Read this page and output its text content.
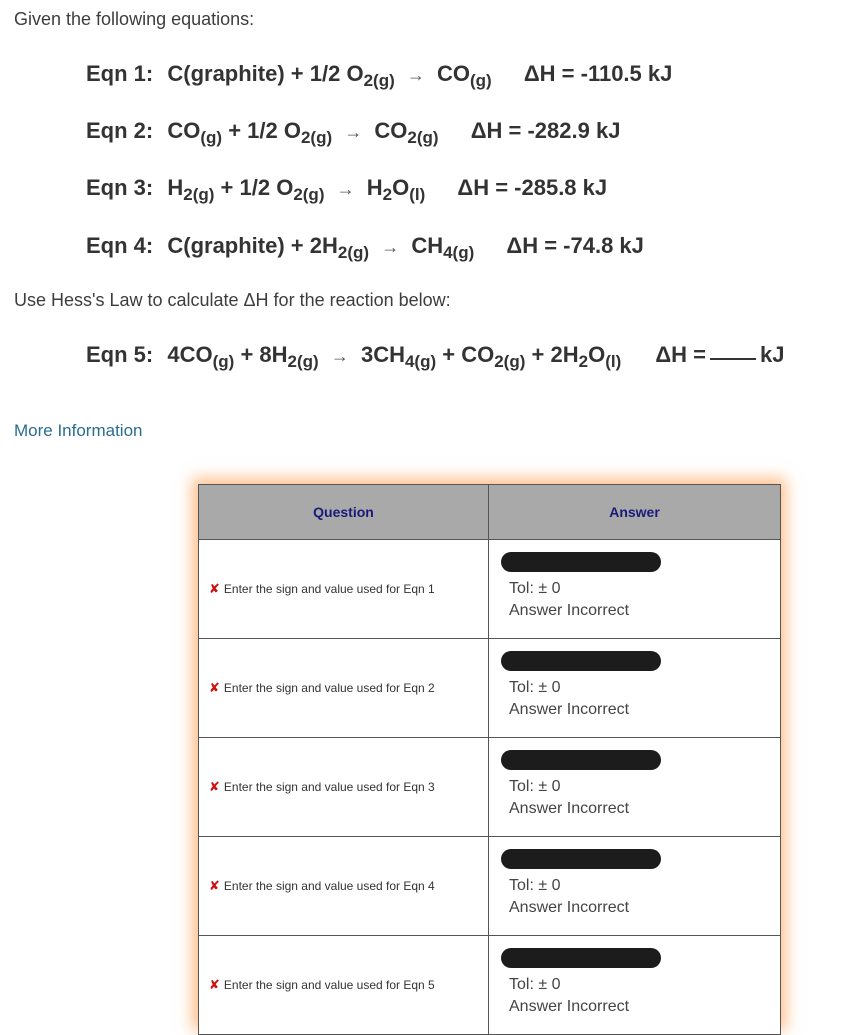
Given the following equations:
Eqn 1: C(graphite) + 1/2 $O_{2(g)} \to CO_{(g)}$ ΔH = -110.5 kJ
Eqn 2: $CO_{(g)} + 1/2$ $O_{2(g)} \to CO_{2(g)}$ ΔH = -282.9 kJ
Eqn 3: $H_{2(g)} + 1/2$ $O_{2(g)} \to H_2O_{(l)}$ ΔH = -285.8 kJ
Eqn 4: C(graphite) + $2H_{2(g)} \to CH_{4(g)}$ ΔH = -74.8 kJ
Use Hess's Law to calculate ΔH for the reaction below:
Eqn 5: $4CO_{(g)} + 8H_{2(g)} \to 3CH_{4(g)} + CO_{2(g)} + 2H_2O_{(l)}$ ΔH = kJ
More Information
Question	Answer
✘ Enter the sign and value used for Eqn 1	Tol: ± 0
Answer Incorrect

✘ Enter the sign and value used for Eqn 2	Tol: ± 0
Answer Incorrect

✘ Enter the sign and value used for Eqn 3	Tol: ± 0
Answer Incorrect

✘ Enter the sign and value used for Eqn 4	Tol: ± 0
Answer Incorrect

✘ Enter the sign and value used for Eqn 5	Tol: ± 0
Answer Incorrect
